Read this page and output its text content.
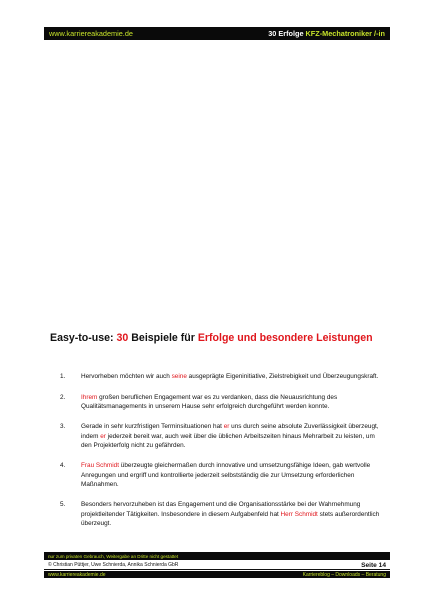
www.karriereakademie.de	30 Erfolge KFZ-Mechatroniker /-in
Easy-to-use: 30 Beispiele für Erfolge und besondere Leistungen
1.	Hervorheben möchten wir auch seine ausgeprägte Eigeninitiative, Zielstrebigkeit und Überzeugungskraft.
2.	Ihrem großen beruflichen Engagement war es zu verdanken, dass die Neuausrichtung des Qualitätsmanagements in unserem Hause sehr erfolgreich durchgeführt werden konnte.
3.	Gerade in sehr kurzfristigen Terminsituationen hat er uns durch seine absolute Zuverlässigkeit überzeugt, indem er jederzeit bereit war, auch weit über die üblichen Arbeitszeiten hinaus Mehrarbeit zu leisten, um den Projekterfolg nicht zu gefährden.
4.	Frau Schmidt überzeugte gleichermaßen durch innovative und umsetzungsfähige Ideen, gab wertvolle Anregungen und ergriff und kontrollierte jederzeit selbstständig die zur Umsetzung erforderlichen Maßnahmen.
5.	Besonders hervorzuheben ist das Engagement und die Organisationsstärke bei der Wahrnehmung projektleitender Tätigkeiten. Insbesondere in diesem Aufgabenfeld hat Herr Schmidt stets außerordentlich überzeugt.
nur zum privaten Gebrauch, Weitergabe an Dritte nicht gestattet
© Christian Püttjer, Uwe Schnierda, Annika Schnierda GbR	Seite 14
www.karriereakademie.de	Karriereblog – Downloads – Beratung
